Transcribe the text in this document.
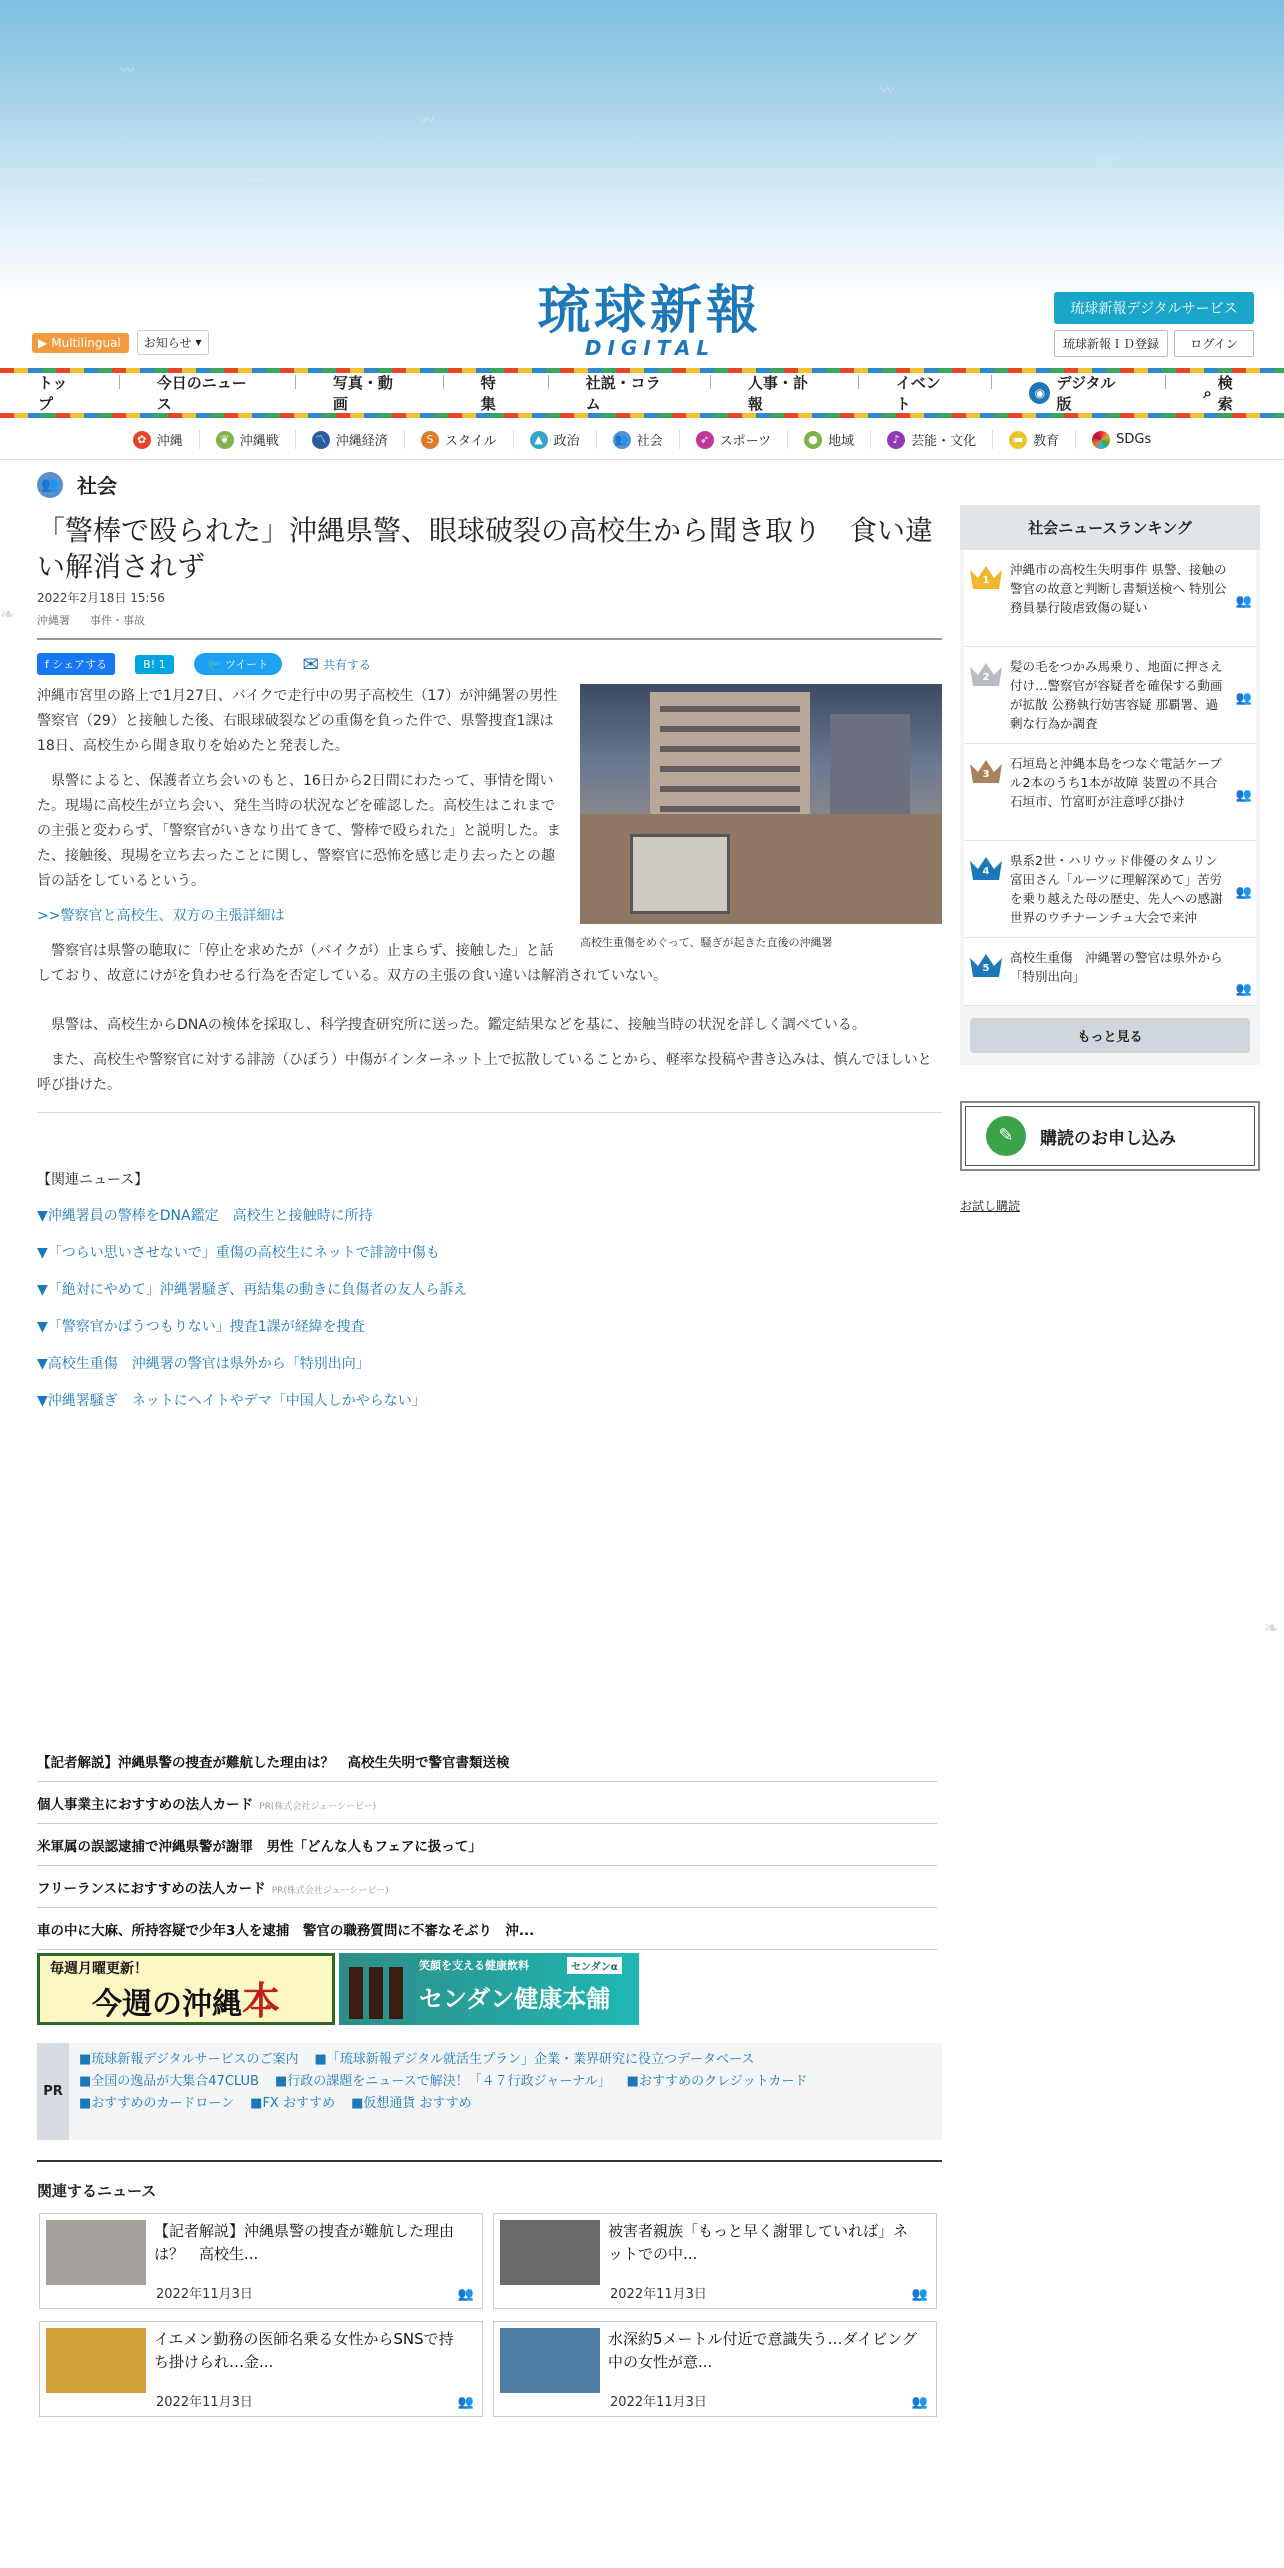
〰
〰
〰
〰
〰
▶ Multilingual お知らせ ▼
琉球新報
DIGITAL
琉球新報デジタルサービス
琉球新報ＩＤ登録	ログイン
トップ
今日のニュース
写真・動画
特集
社説・コラム
人事・訃報
イベント
◉
デジタル版
⌕
検索
✿ 沖縄	❦ 沖縄戦	〽 沖縄経済	S スタイル	▲ 政治	👥 社会	➶ スポーツ	● 地域	♪ 芸能・文化	▬ 教育	SDGs
👥 社会
「警棒で殴られた」沖縄県警、眼球破裂の高校生から聞き取り　食い違い解消されず
2022年2月18日 15:56
沖縄署 事件・事故
f シェアする	B! 1	🐦 ツイート	✉ 共有する
高校生重傷をめぐって、騒ぎが起きた直後の沖縄署

沖縄市宮里の路上で1月27日、バイクで走行中の男子高校生（17）が沖縄署の男性警察官（29）と接触した後、右眼球破裂などの重傷を負った件で、県警捜査1課は18日、高校生から聞き取りを始めたと発表した。

　県警によると、保護者立ち会いのもと、16日から2日間にわたって、事情を聞いた。現場に高校生が立ち会い、発生当時の状況などを確認した。高校生はこれまでの主張と変わらず、「警察官がいきなり出てきて、警棒で殴られた」と説明した。また、接触後、現場を立ち去ったことに関し、警察官に恐怖を感じ走り去ったとの趣旨の話をしているという。

>>警察官と高校生、双方の主張詳細は

　警察官は県警の聴取に「停止を求めたが（バイクが）止まらず、接触した」と話しており、故意にけがを負わせる行為を否定している。双方の主張の食い違いは解消されていない。

　県警は、高校生からDNAの検体を採取し、科学捜査研究所に送った。鑑定結果などを基に、接触当時の状況を詳しく調べている。

　また、高校生や警察官に対する誹謗（ひぼう）中傷がインターネット上で拡散していることから、軽率な投稿や書き込みは、慎んでほしいと呼び掛けた。

【関連ニュース】
▼沖縄署員の警棒をDNA鑑定　高校生と接触時に所持
▼「つらい思いさせないで」重傷の高校生にネットで誹謗中傷も
▼「絶対にやめて」沖縄署騒ぎ、再結集の動きに負傷者の友人ら訴え
▼「警察官かばうつもりない」捜査1課が経緯を捜査
▼高校生重傷　沖縄署の警官は県外から「特別出向」
▼沖縄署騒ぎ　ネットにヘイトやデマ「中国人しかやらない」
社会ニュースランキング
1
沖縄市の高校生失明事件 県警、接触の警官の故意と判断し書類送検へ 特別公務員暴行陵虐致傷の疑い	👥
2
髪の毛をつかみ馬乗り、地面に押さえ付け…警察官が容疑者を確保する動画が拡散 公務執行妨害容疑 那覇署、過剰な行為か調査
👥
3
石垣島と沖縄本島をつなぐ電話ケーブル2本のうち1本が故障 装置の不具合 石垣市、竹富町が注意呼び掛け	👥
4
県系2世・ハリウッド俳優のタムリン富田さん「ルーツに理解深めて」苦労を乗り越えた母の歴史、先人への感謝 世界のウチナーンチュ大会で来沖
👥
5
高校生重傷　沖縄署の警官は県外から「特別出向」
👥
もっと見る
✎	購読のお申し込み
お試し購読
❧
❧
【記者解説】沖縄県警の捜査が難航した理由は？　高校生失明で警官書類送検
個人事業主におすすめの法人カード PR(株式会社ジェーシービー)
米軍属の誤認逮捕で沖縄県警が謝罪　男性「どんな人もフェアに扱って」
フリーランスにおすすめの法人カード PR(株式会社ジェーシービー)
車の中に大麻、所持容疑で少年3人を逮捕　警官の職務質問に不審なそぶり　沖...
毎週月曜更新！
今週の沖縄本
笑顔を支える健康飲料	センダンα
センダン健康本舗
PR
■琉球新報デジタルサービスのご案内 ■「琉球新報デジタル就活生プラン」企業・業界研究に役立つデータベース
■全国の逸品が大集合47CLUB ■行政の課題をニュースで解決！「４７行政ジャーナル」 ■おすすめのクレジットカード
■おすすめのカードローン ■FX おすすめ ■仮想通貨 おすすめ
関連するニュース
【記者解説】沖縄県警の捜査が難航した理由は？　高校生...
2022年11月3日	👥
被害者親族「もっと早く謝罪していれば」ネットでの中...
2022年11月3日	👥
イエメン勤務の医師名乗る女性からSNSで持ち掛けられ…金...
2022年11月3日	👥
水深約5メートル付近で意識失う…ダイビング中の女性が意...
2022年11月3日	👥
